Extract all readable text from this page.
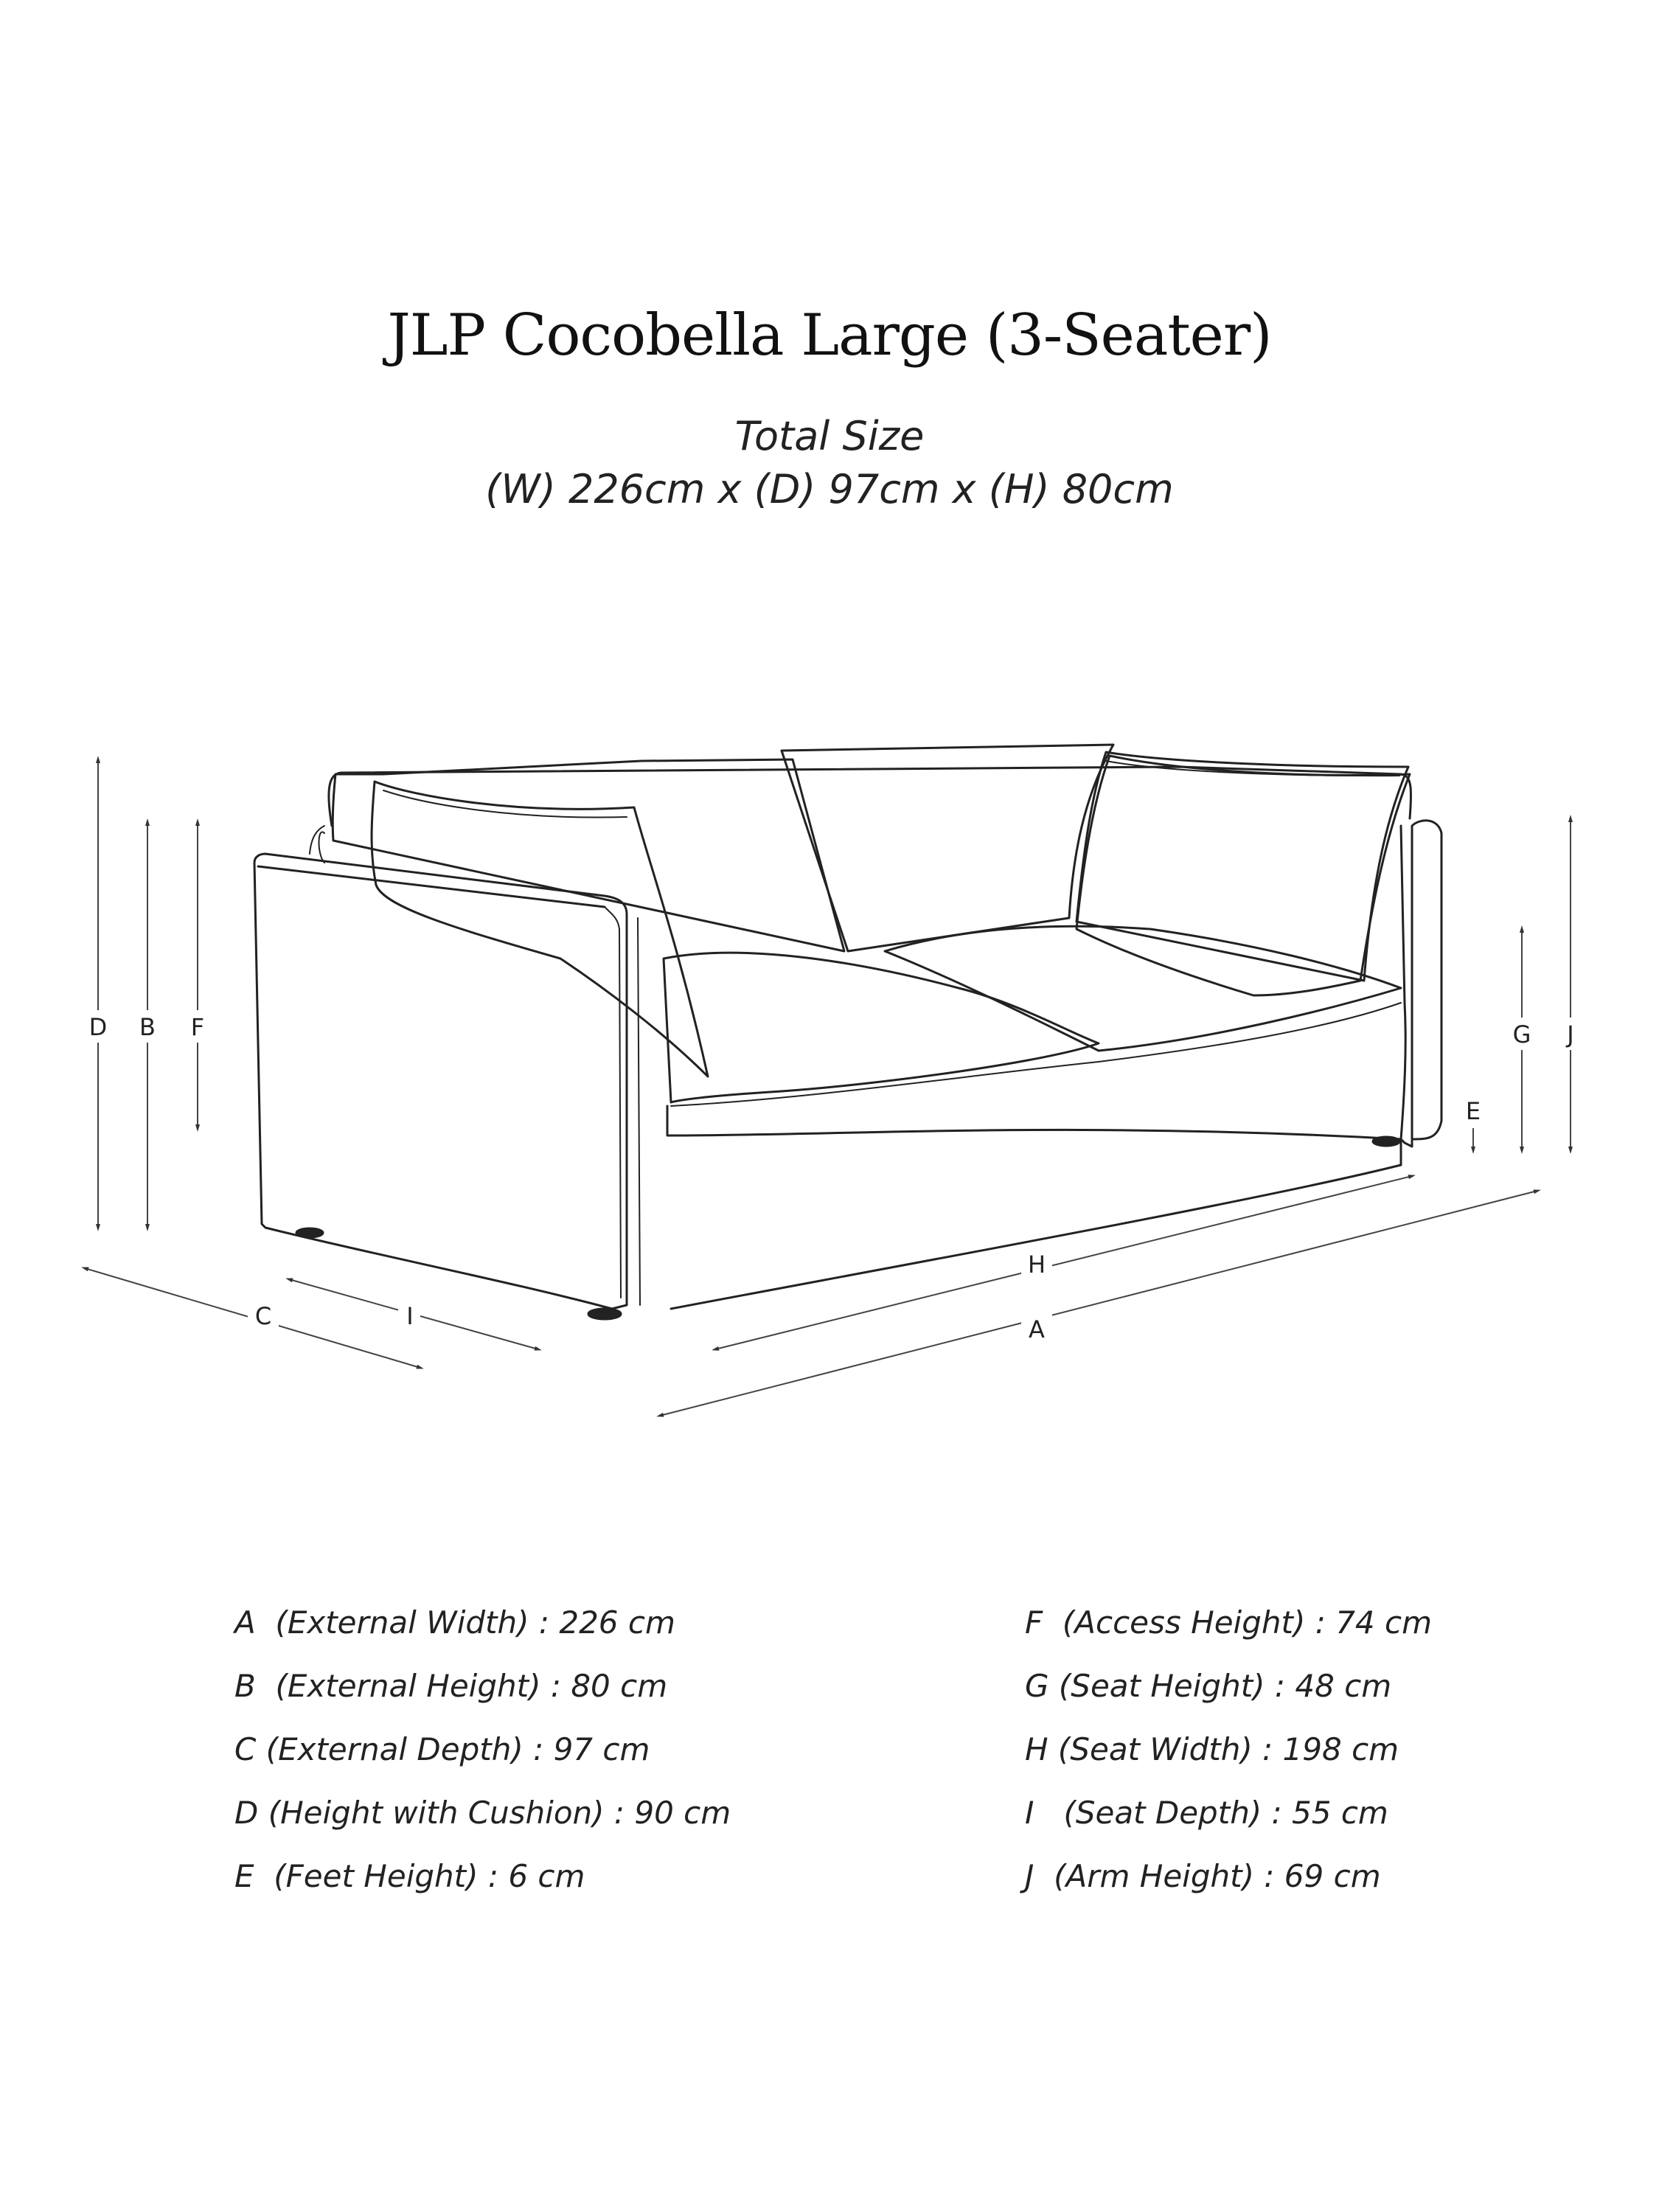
JLP Cocobella Large (3-Seater)
Total Size
(W) 226cm x (D) 97cm x (H) 80cm
D B F	G J
E
C	I
H
A
A  (External Width) : 226 cm
B  (External Height) : 80 cm
C (External Depth) : 97 cm
D (Height with Cushion) : 90 cm
E  (Feet Height) : 6 cm
F  (Access Height) : 74 cm
G (Seat Height) : 48 cm
H (Seat Width) : 198 cm
I   (Seat Depth) : 55 cm
J  (Arm Height) : 69 cm
